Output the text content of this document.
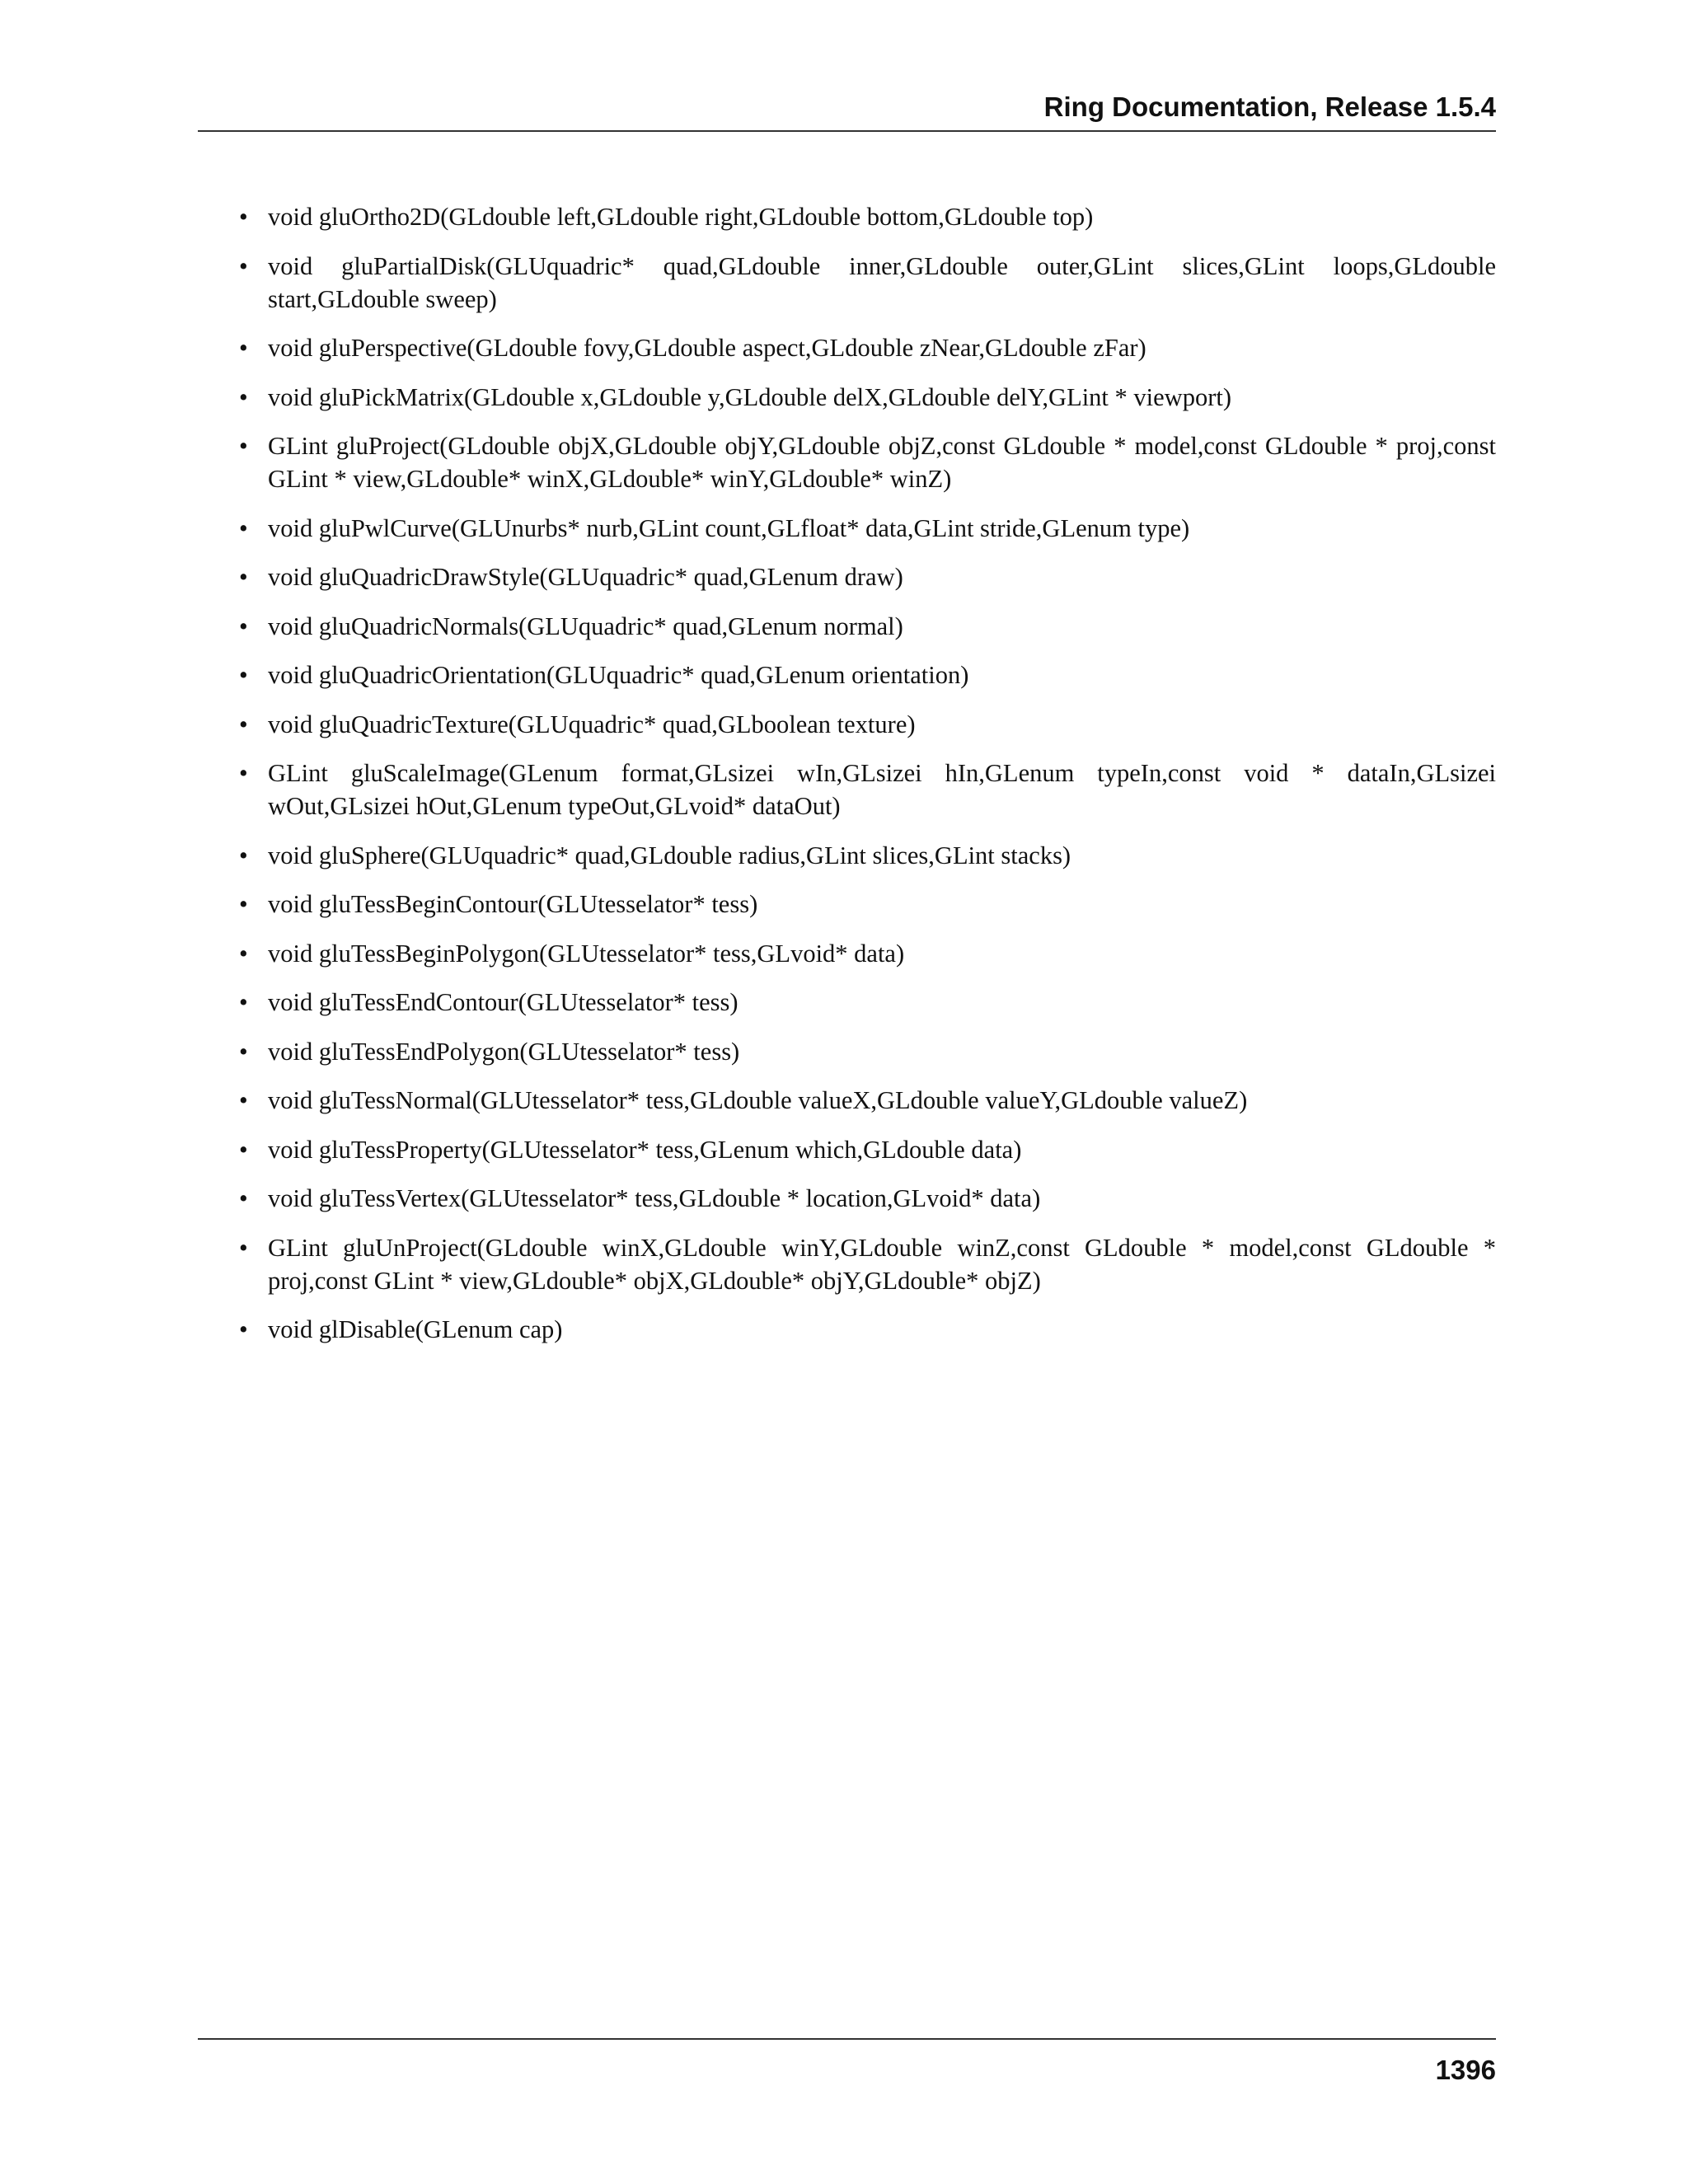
Ring Documentation, Release 1.5.4
• void gluOrtho2D(GLdouble left,GLdouble right,GLdouble bottom,GLdouble top)
• void gluPartialDisk(GLUquadric* quad,GLdouble inner,GLdouble outer,GLint slices,GLint loops,GLdouble start,GLdouble sweep)
• void gluPerspective(GLdouble fovy,GLdouble aspect,GLdouble zNear,GLdouble zFar)
• void gluPickMatrix(GLdouble x,GLdouble y,GLdouble delX,GLdouble delY,GLint * viewport)
• GLint gluProject(GLdouble objX,GLdouble objY,GLdouble objZ,const GLdouble * model,const GLdouble * proj,const GLint * view,GLdouble* winX,GLdouble* winY,GLdouble* winZ)
• void gluPwlCurve(GLUnurbs* nurb,GLint count,GLfloat* data,GLint stride,GLenum type)
• void gluQuadricDrawStyle(GLUquadric* quad,GLenum draw)
• void gluQuadricNormals(GLUquadric* quad,GLenum normal)
• void gluQuadricOrientation(GLUquadric* quad,GLenum orientation)
• void gluQuadricTexture(GLUquadric* quad,GLboolean texture)
• GLint gluScaleImage(GLenum format,GLsizei wIn,GLsizei hIn,GLenum typeIn,const void * dataIn,GLsizei wOut,GLsizei hOut,GLenum typeOut,GLvoid* dataOut)
• void gluSphere(GLUquadric* quad,GLdouble radius,GLint slices,GLint stacks)
• void gluTessBeginContour(GLUtesselator* tess)
• void gluTessBeginPolygon(GLUtesselator* tess,GLvoid* data)
• void gluTessEndContour(GLUtesselator* tess)
• void gluTessEndPolygon(GLUtesselator* tess)
• void gluTessNormal(GLUtesselator* tess,GLdouble valueX,GLdouble valueY,GLdouble valueZ)
• void gluTessProperty(GLUtesselator* tess,GLenum which,GLdouble data)
• void gluTessVertex(GLUtesselator* tess,GLdouble * location,GLvoid* data)
• GLint gluUnProject(GLdouble winX,GLdouble winY,GLdouble winZ,const GLdouble * model,const GLdouble * proj,const GLint * view,GLdouble* objX,GLdouble* objY,GLdouble* objZ)
• void glDisable(GLenum cap)
1396
